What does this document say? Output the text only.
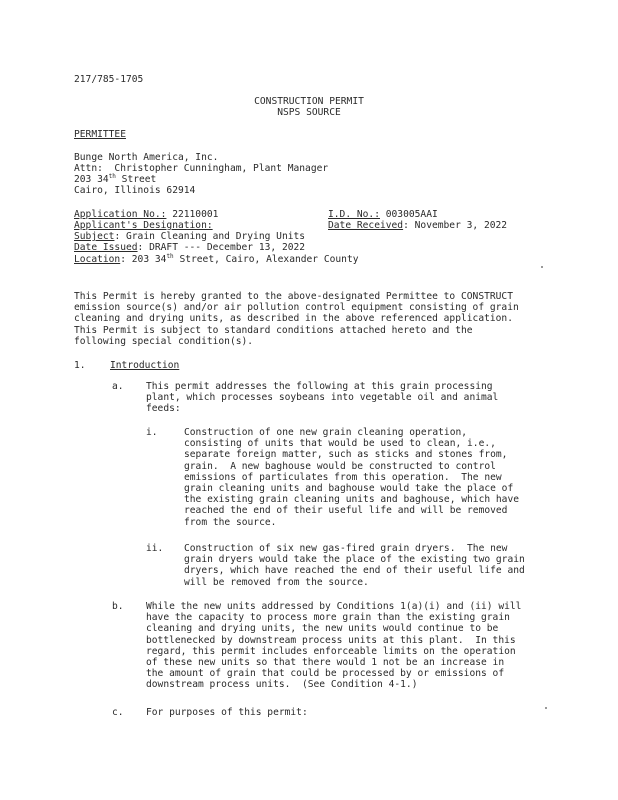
217/785-1705
CONSTRUCTION PERMIT
NSPS SOURCE
PERMITTEE
Bunge North America, Inc.
Attn:  Christopher Cunningham, Plant Manager
203 34th Street
Cairo, Illinois 62914
Application No.: 22110001	I.D. No.: 003005AAI
Applicant's Designation:	Date Received: November 3, 2022
Subject: Grain Cleaning and Drying Units
Date Issued: DRAFT --- December 13, 2022
Location: 203 34th Street, Cairo, Alexander County
This Permit is hereby granted to the above-designated Permittee to CONSTRUCT
emission source(s) and/or air pollution control equipment consisting of grain
cleaning and drying units, as described in the above referenced application.
This Permit is subject to standard conditions attached hereto and the
following special condition(s).
1.	Introduction
a. This permit addresses the following at this grain processing
plant, which processes soybeans into vegetable oil and animal
feeds:
i.	Construction of one new grain cleaning operation,
consisting of units that would be used to clean, i.e.,
separate foreign matter, such as sticks and stones from,
grain.  A new baghouse would be constructed to control
emissions of particulates from this operation.  The new
grain cleaning units and baghouse would take the place of
the existing grain cleaning units and baghouse, which have
reached the end of their useful life and will be removed
from the source.
ii. Construction of six new gas-fired grain dryers.  The new
grain dryers would take the place of the existing two grain
dryers, which have reached the end of their useful life and
will be removed from the source.
b. While the new units addressed by Conditions 1(a)(i) and (ii) will
have the capacity to process more grain than the existing grain
cleaning and drying units, the new units would continue to be
bottlenecked by downstream process units at this plant.  In this
regard, this permit includes enforceable limits on the operation
of these new units so that there would 1 not be an increase in
the amount of grain that could be processed by or emissions of
downstream process units.  (See Condition 4-1.)
c. For purposes of this permit:
